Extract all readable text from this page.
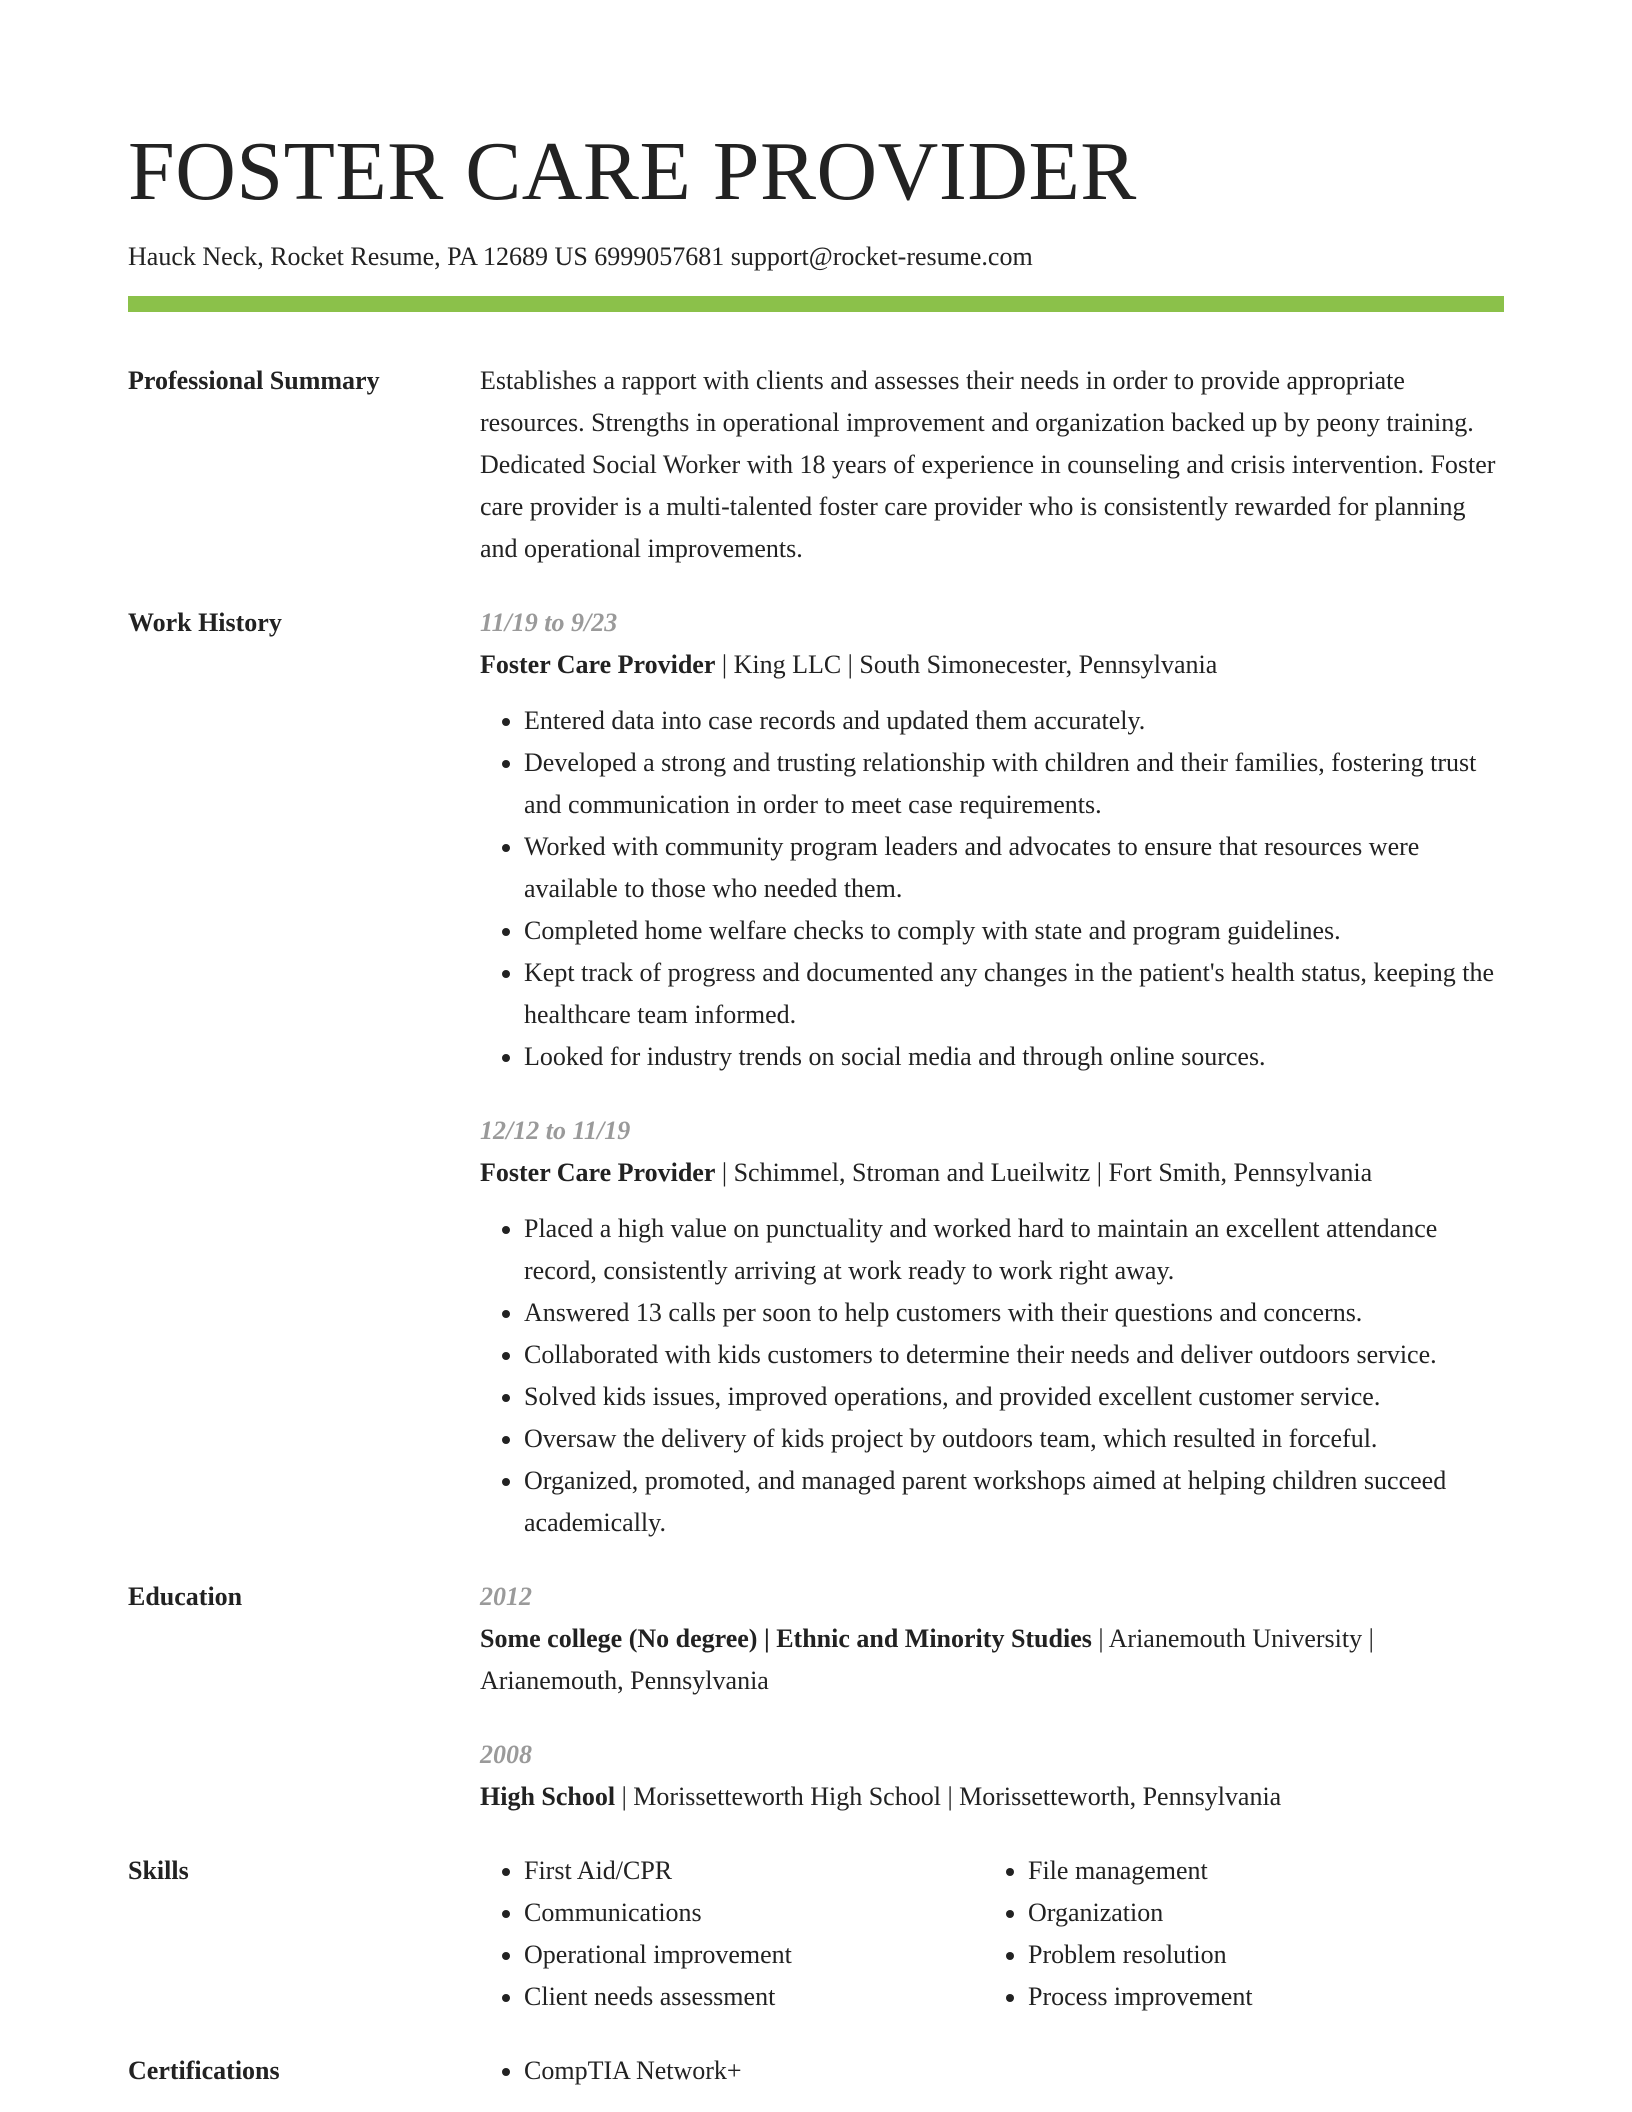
FOSTER CARE PROVIDER
Hauck Neck, Rocket Resume, PA 12689 US 6999057681 support@rocket-resume.com
Professional Summary	Establishes a rapport with clients and assesses their needs in order to provide appropriate resources. Strengths in operational improvement and organization backed up by peony training. Dedicated Social Worker with 18 years of experience in counseling and crisis intervention. Foster care provider is a multi-talented foster care provider who is consistently rewarded for planning and operational improvements.
Work History	11/19 to 9/23
Foster Care Provider | King LLC | South Simonecester, Pennsylvania
• Entered data into case records and updated them accurately.
• Developed a strong and trusting relationship with children and their families, fostering trust and communication in order to meet case requirements.
• Worked with community program leaders and advocates to ensure that resources were available to those who needed them.
• Completed home welfare checks to comply with state and program guidelines.
• Kept track of progress and documented any changes in the patient's health status, keeping the healthcare team informed.
• Looked for industry trends on social media and through online sources.
12/12 to 11/19
Foster Care Provider | Schimmel, Stroman and Lueilwitz | Fort Smith, Pennsylvania
• Placed a high value on punctuality and worked hard to maintain an excellent attendance record, consistently arriving at work ready to work right away.
• Answered 13 calls per soon to help customers with their questions and concerns.
• Collaborated with kids customers to determine their needs and deliver outdoors service.
• Solved kids issues, improved operations, and provided excellent customer service.
• Oversaw the delivery of kids project by outdoors team, which resulted in forceful.
• Organized, promoted, and managed parent workshops aimed at helping children succeed academically.
Education	2012
Some college (No degree) | Ethnic and Minority Studies | Arianemouth University | Arianemouth, Pennsylvania
2008
High School | Morissetteworth High School | Morissetteworth, Pennsylvania
Skills	• First Aid/CPR
• Communications
• Operational improvement
• Client needs assessment
• File management
• Organization
• Problem resolution
• Process improvement
Certifications	• CompTIA Network+
